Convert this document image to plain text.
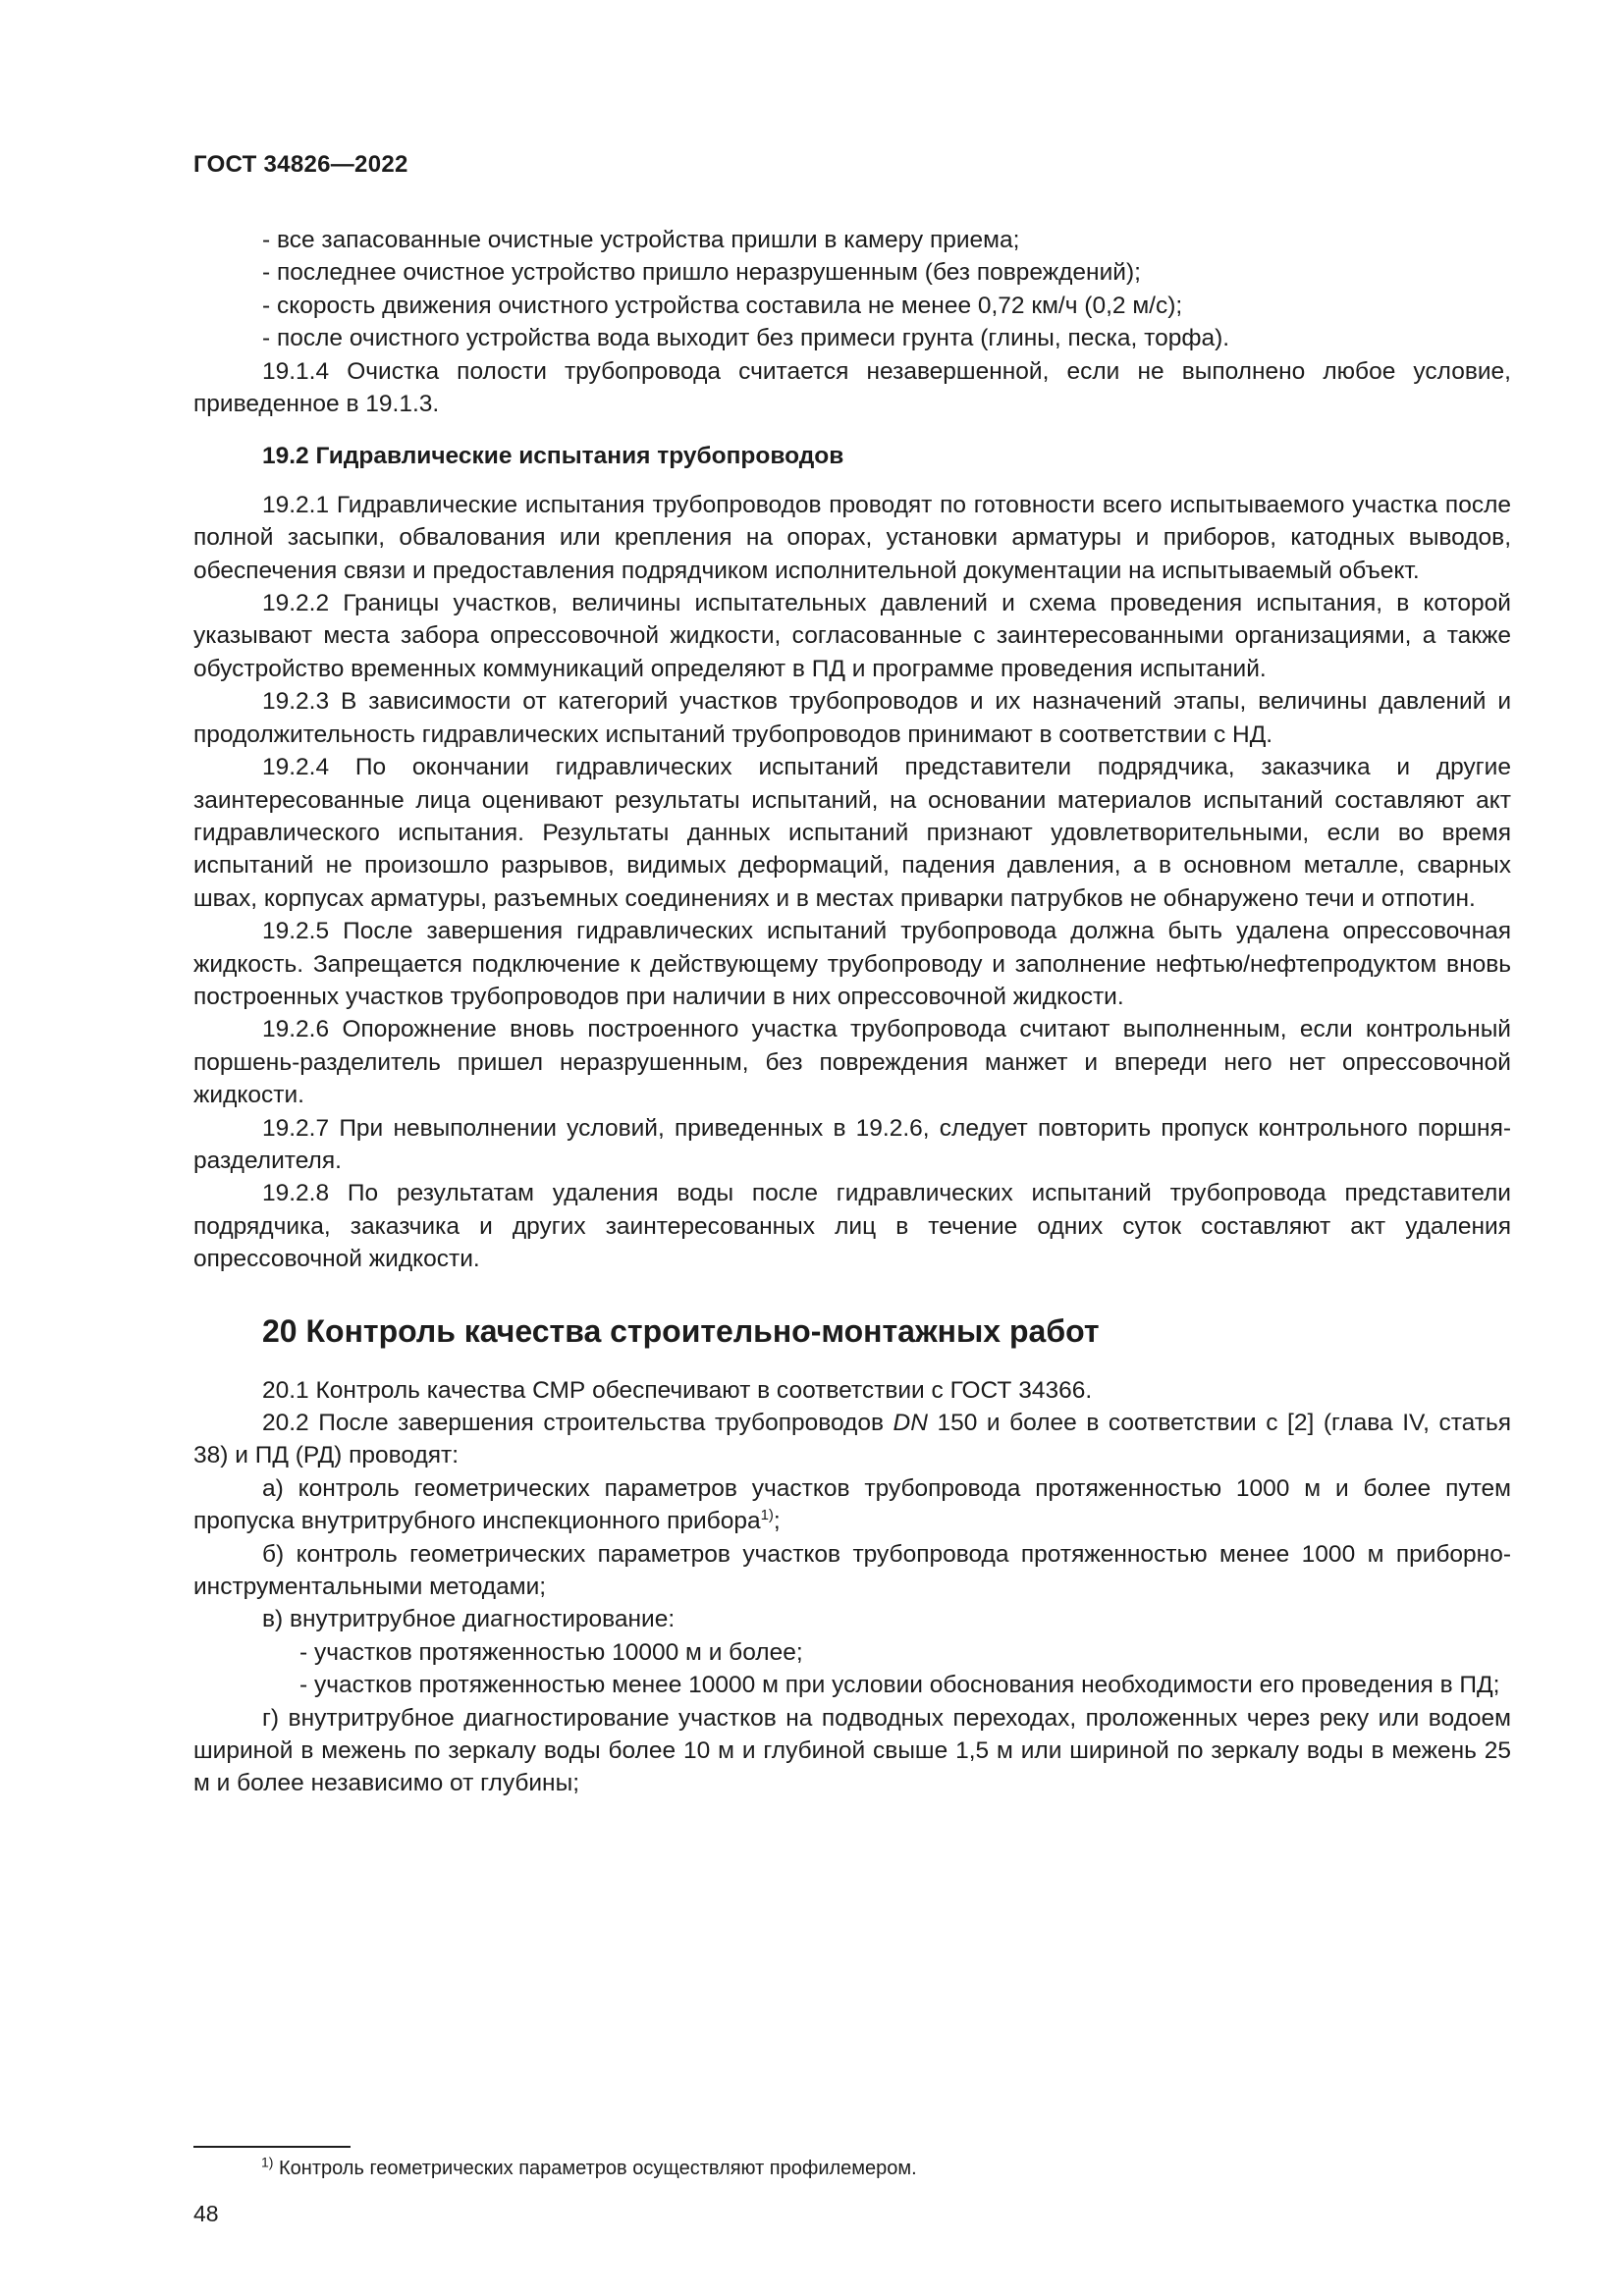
ГОСТ 34826—2022

- все запасованные очистные устройства пришли в камеру приема;

- последнее очистное устройство пришло неразрушенным (без повреждений);

- скорость движения очистного устройства составила не менее 0,72 км/ч (0,2 м/с);

- после очистного устройства вода выходит без примеси грунта (глины, песка, торфа).

19.1.4 Очистка полости трубопровода считается незавершенной, если не выполнено любое условие, приведенное в 19.1.3.

19.2 Гидравлические испытания трубопроводов

19.2.1 Гидравлические испытания трубопроводов проводят по готовности всего испытываемого участка после полной засыпки, обвалования или крепления на опорах, установки арматуры и приборов, катодных выводов, обеспечения связи и предоставления подрядчиком исполнительной документации на испытываемый объект.

19.2.2 Границы участков, величины испытательных давлений и схема проведения испытания, в которой указывают места забора опрессовочной жидкости, согласованные с заинтересованными организациями, а также обустройство временных коммуникаций определяют в ПД и программе проведения испытаний.

19.2.3 В зависимости от категорий участков трубопроводов и их назначений этапы, величины давлений и продолжительность гидравлических испытаний трубопроводов принимают в соответствии с НД.

19.2.4 По окончании гидравлических испытаний представители подрядчика, заказчика и другие заинтересованные лица оценивают результаты испытаний, на основании материалов испытаний составляют акт гидравлического испытания. Результаты данных испытаний признают удовлетворительными, если во время испытаний не произошло разрывов, видимых деформаций, падения давления, а в основном металле, сварных швах, корпусах арматуры, разъемных соединениях и в местах приварки патрубков не обнаружено течи и отпотин.

19.2.5 После завершения гидравлических испытаний трубопровода должна быть удалена опрессовочная жидкость. Запрещается подключение к действующему трубопроводу и заполнение нефтью/нефтепродуктом вновь построенных участков трубопроводов при наличии в них опрессовочной жидкости.

19.2.6 Опорожнение вновь построенного участка трубопровода считают выполненным, если контрольный поршень-разделитель пришел неразрушенным, без повреждения манжет и впереди него нет опрессовочной жидкости.

19.2.7 При невыполнении условий, приведенных в 19.2.6, следует повторить пропуск контрольного поршня-разделителя.

19.2.8 По результатам удаления воды после гидравлических испытаний трубопровода представители подрядчика, заказчика и других заинтересованных лиц в течение одних суток составляют акт удаления опрессовочной жидкости.

20 Контроль качества строительно-монтажных работ

20.1 Контроль качества СМР обеспечивают в соответствии с ГОСТ 34366.

20.2 После завершения строительства трубопроводов DN 150 и более в соответствии с [2] (глава IV, статья 38) и ПД (РД) проводят:

а) контроль геометрических параметров участков трубопровода протяженностью 1000 м и более путем пропуска внутритрубного инспекционного прибора$^{1)}$;

б) контроль геометрических параметров участков трубопровода протяженностью менее 1000 м приборно-инструментальными методами;

в) внутритрубное диагностирование:

- участков протяженностью 10000 м и более;

- участков протяженностью менее 10000 м при условии обоснования необходимости его проведения в ПД;

г) внутритрубное диагностирование участков на подводных переходах, проложенных через реку или водоем шириной в межень по зеркалу воды более 10 м и глубиной свыше 1,5 м или шириной по зеркалу воды в межень 25 м и более независимо от глубины;

$^{1)}$ Контроль геометрических параметров осуществляют профилемером.
48
